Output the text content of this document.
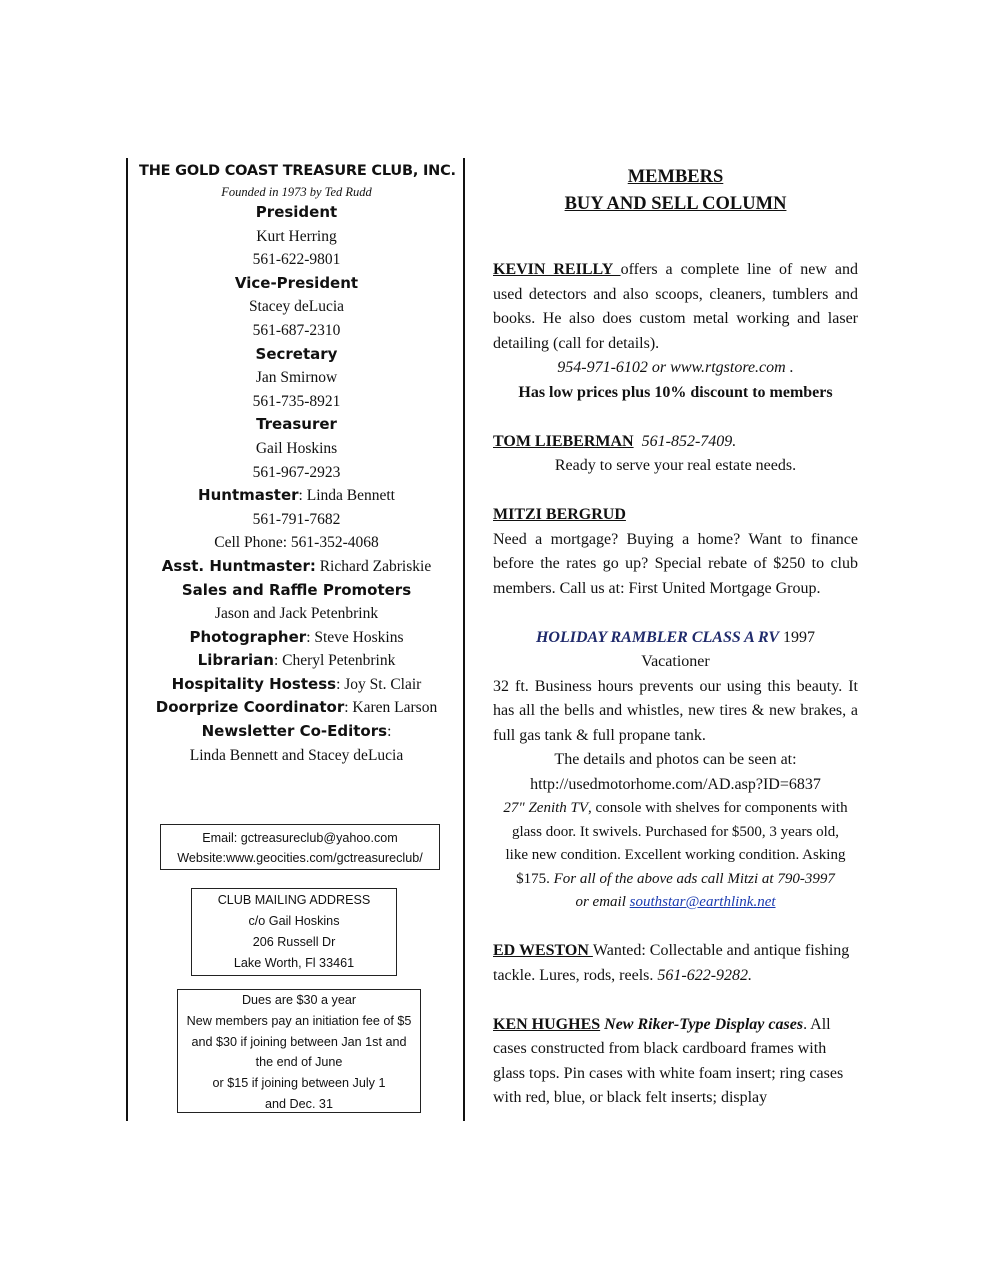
THE GOLD COAST TREASURE CLUB, INC.
Founded in 1973 by Ted Rudd
President
Kurt Herring
561-622-9801
Vice-President
Stacey deLucia
561-687-2310
Secretary
Jan Smirnow
561-735-8921
Treasurer
Gail Hoskins
561-967-2923
Huntmaster: Linda Bennett
561-791-7682
Cell Phone: 561-352-4068
Asst. Huntmaster: Richard Zabriskie
Sales and Raffle Promoters
Jason and Jack Petenbrink
Photographer: Steve Hoskins
Librarian: Cheryl Petenbrink
Hospitality Hostess: Joy St. Clair
Doorprize Coordinator: Karen Larson
Newsletter Co-Editors:
Linda Bennett and Stacey deLucia
Email: gctreasureclub@yahoo.com
Website:www.geocities.com/gctreasureclub/
CLUB MAILING ADDRESS
c/o Gail Hoskins
206 Russell Dr
Lake Worth, Fl 33461
Dues are $30 a year
New members pay an initiation fee of $5
and $30 if joining between Jan 1st and
the end of June
or $15 if joining between July 1
and Dec. 31
MEMBERS
BUY AND SELL COLUMN
KEVIN REILLY offers a complete line of new and used detectors and also scoops, cleaners, tumblers and books. He also does custom metal working and laser detailing (call for details).
954-971-6102 or www.rtgstore.com .
Has low prices plus 10% discount to members
TOM LIEBERMAN 561-852-7409.
Ready to serve your real estate needs.
MITZI BERGRUD
Need a mortgage? Buying a home? Want to finance before the rates go up? Special rebate of $250 to club members. Call us at: First United Mortgage Group.
HOLIDAY RAMBLER CLASS A RV 1997
Vacationer
32 ft. Business hours prevents our using this beauty. It has all the bells and whistles, new tires & new brakes, a full gas tank & full propane tank.
The details and photos can be seen at:
http://usedmotorhome.com/AD.asp?ID=6837
27" Zenith TV, console with shelves for components with glass door. It swivels. Purchased for $500, 3 years old, like new condition. Excellent working condition. Asking $175. For all of the above ads call Mitzi at 790-3997
or email southstar@earthlink.net
ED WESTON Wanted: Collectable and antique fishing tackle. Lures, rods, reels. 561-622-9282.
KEN HUGHES New Riker-Type Display cases. All cases constructed from black cardboard frames with glass tops. Pin cases with white foam insert; ring cases with red, blue, or black felt inserts; display
